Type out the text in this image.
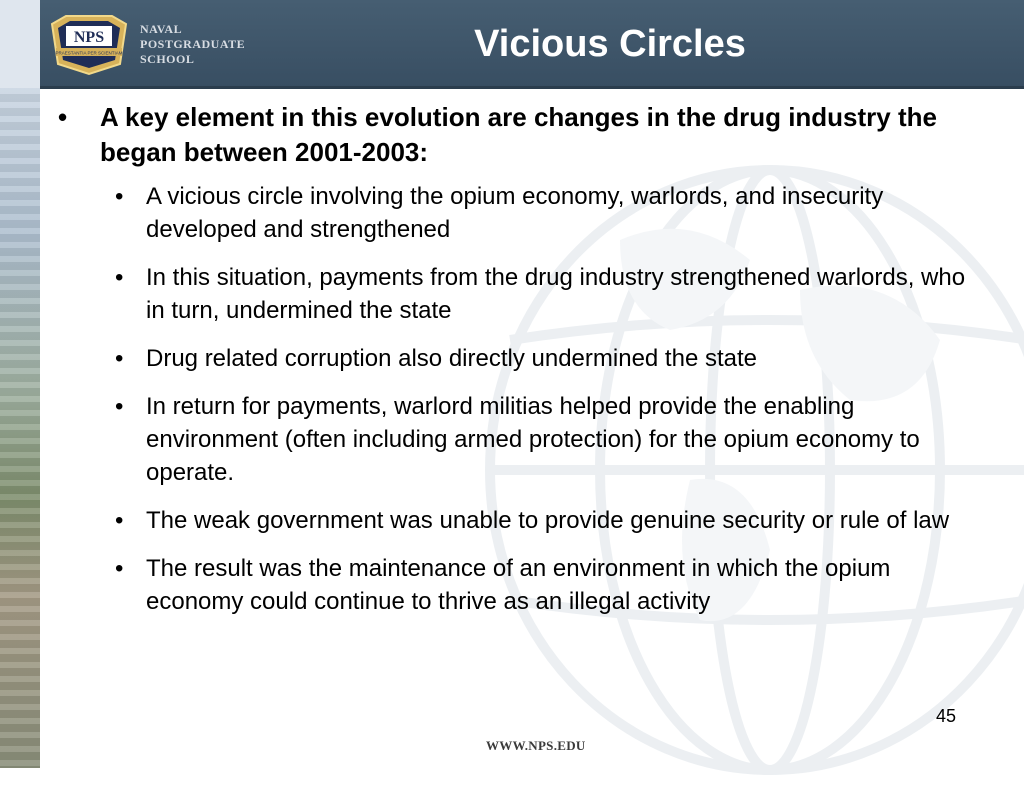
NPS
PRAESTANTIA PER SCIENTIAM
NAVAL
POSTGRADUATE
SCHOOL	Vicious Circles
• A key element in this evolution are changes in the drug industry the began between 2001-2003:
• A vicious circle involving the opium economy, warlords, and insecurity developed and strengthened
• In this situation, payments from the drug industry strengthened warlords, who in turn, undermined the state
• Drug related corruption also directly undermined the state
• In return for payments, warlord militias helped provide the enabling environment (often including armed protection) for the opium economy to operate.
• The weak government was unable to provide genuine security or rule of law
• The result was the maintenance of an environment in which the opium economy could continue to thrive as an illegal activity
45
WWW.NPS.EDU
